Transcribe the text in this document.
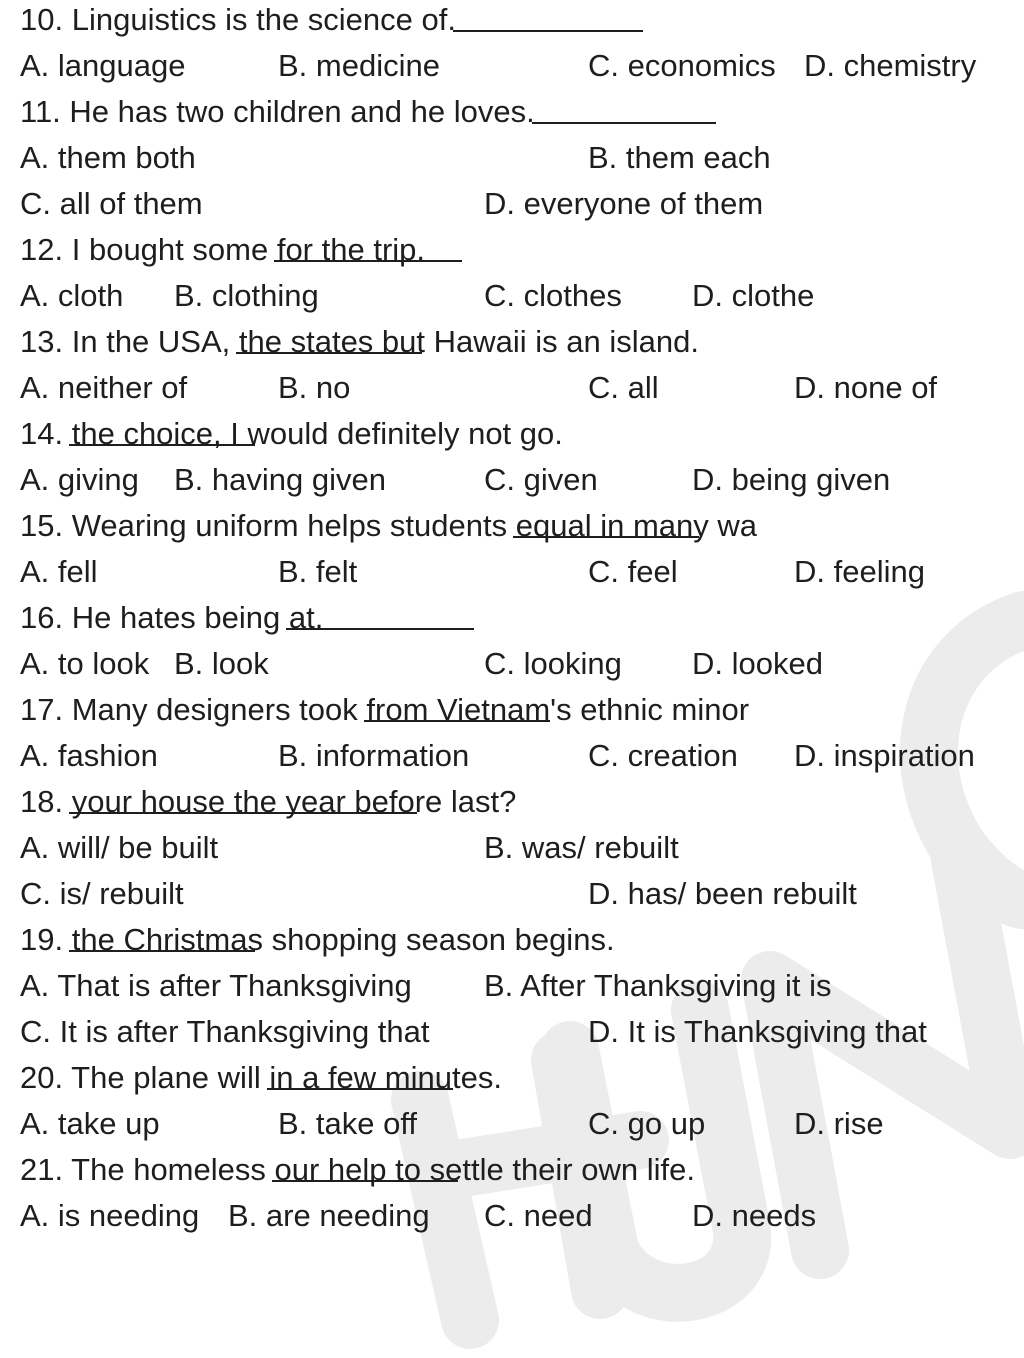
10. Linguistics is the science of
.
A. language	B. medicine	C. economics D. chemistry
11. He has two children and he loves
.
A. them both	B. them each
C. all of them	D. everyone of them
12. I bought some for the trip.
A. cloth B. clothing	C. clothes D. clothe
13. In the USA, the states but Hawaii is an island.
A. neither of	B. no	C. all	D. none of
14. the choice, I would definitely not go.
A. giving B. having given	C. given	D. being given
15. Wearing uniform helps students equal in many wa
A. fell	B. felt	C. feel	D. feeling
16. He hates being at.
A. to look B. look	C. looking D. looked
17. Many designers took from Vietnam's ethnic minor
A. fashion	B. information	C. creation D. inspiration
18. your house the year before last?
A. will/ be built	B. was/ rebuilt
C. is/ rebuilt	D. has/ been rebuilt
19. the Christmas shopping season begins.
A. That is after Thanksgiving B. After Thanksgiving it is
C. It is after Thanksgiving that	D. It is Thanksgiving that
20. The plane will in a few minutes.
A. take up	B. take off	C. go up	D. rise
21. The homeless our help to settle their own life.
A. is needing B. are needing C. need	D. needs
